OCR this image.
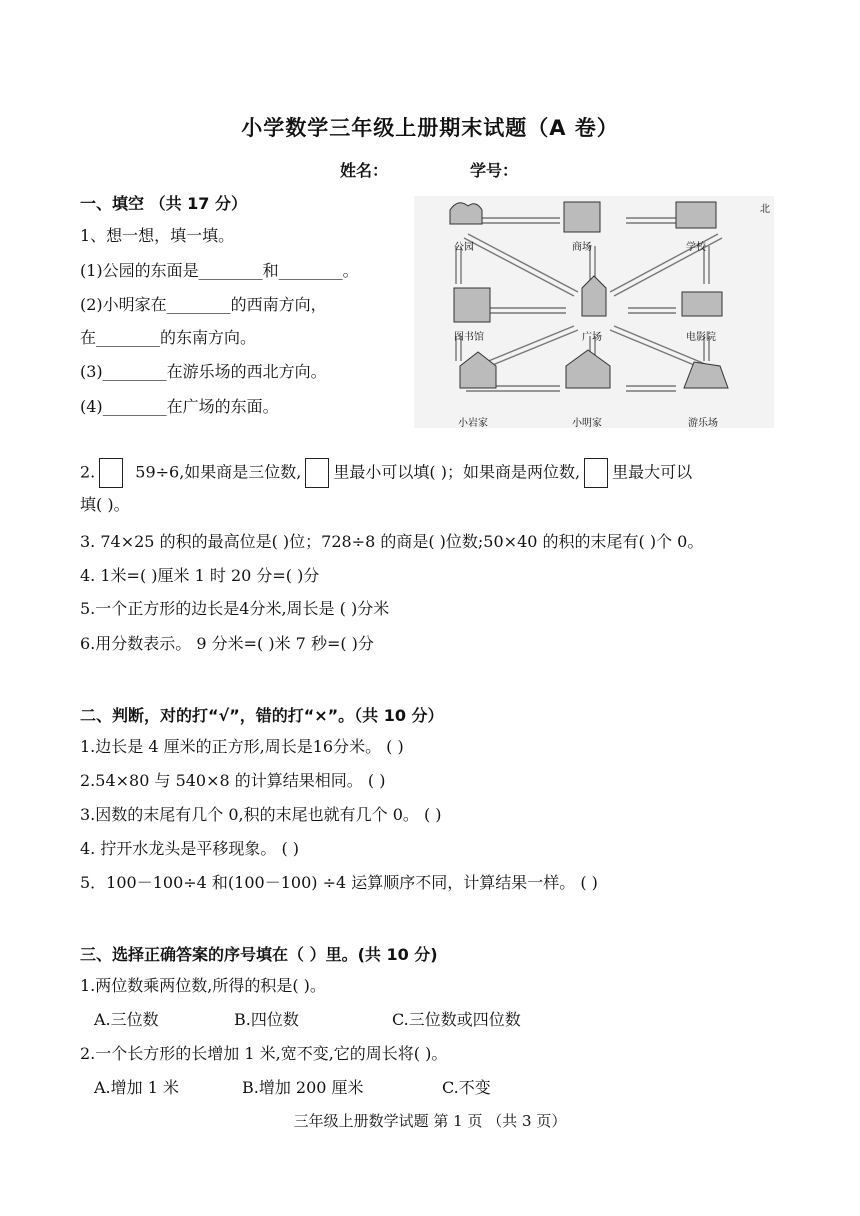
小学数学三年级上册期末试题（A 卷）
姓名：	学号：
一、填空 （共 17 分）
1、想一想，填一填。
(1)公园的东面是________和________。
(2)小明家在________的西南方向，
在________的东南方向。
(3)________在游乐场的西北方向。
(4)________在广场的东面。
北
公园	商场	学校
图书馆	广场	电影院
小岩家	小明家	游乐场
2.	59÷6,如果商是三位数, 里最小可以填( )；如果商是两位数, 里最大可以
填( )。
3. 74×25 的积的最高位是( )位；728÷8 的商是( )位数;50×40 的积的末尾有( )个 0。
4. 1米=( )厘米 1 时 20 分=( )分
5.一个正方形的边长是4分米,周长是 ( )分米
6.用分数表示。 9 分米=( )米 7 秒=( )分
二、判断，对的打“√”，错的打“×”。（共 10 分）
1.边长是 4 厘米的正方形,周长是16分米。 ( )
2.54×80 与 540×8 的计算结果相同。 ( )
3.因数的末尾有几个 0,积的末尾也就有几个 0。 ( )
4. 拧开水龙头是平移现象。 ( )
5．100－100÷4 和(100－100) ÷4 运算顺序不同，计算结果一样。 ( )
三、选择正确答案的序号填在（ ）里。(共 10 分)
1.两位数乘两位数,所得的积是( )。
A.三位数	B.四位数	C.三位数或四位数
2.一个长方形的长增加 1 米,宽不变,它的周长将( )。
A.增加 1 米	B.增加 200 厘米	C.不变
三年级上册数学试题 第 1 页 （共 3 页）
